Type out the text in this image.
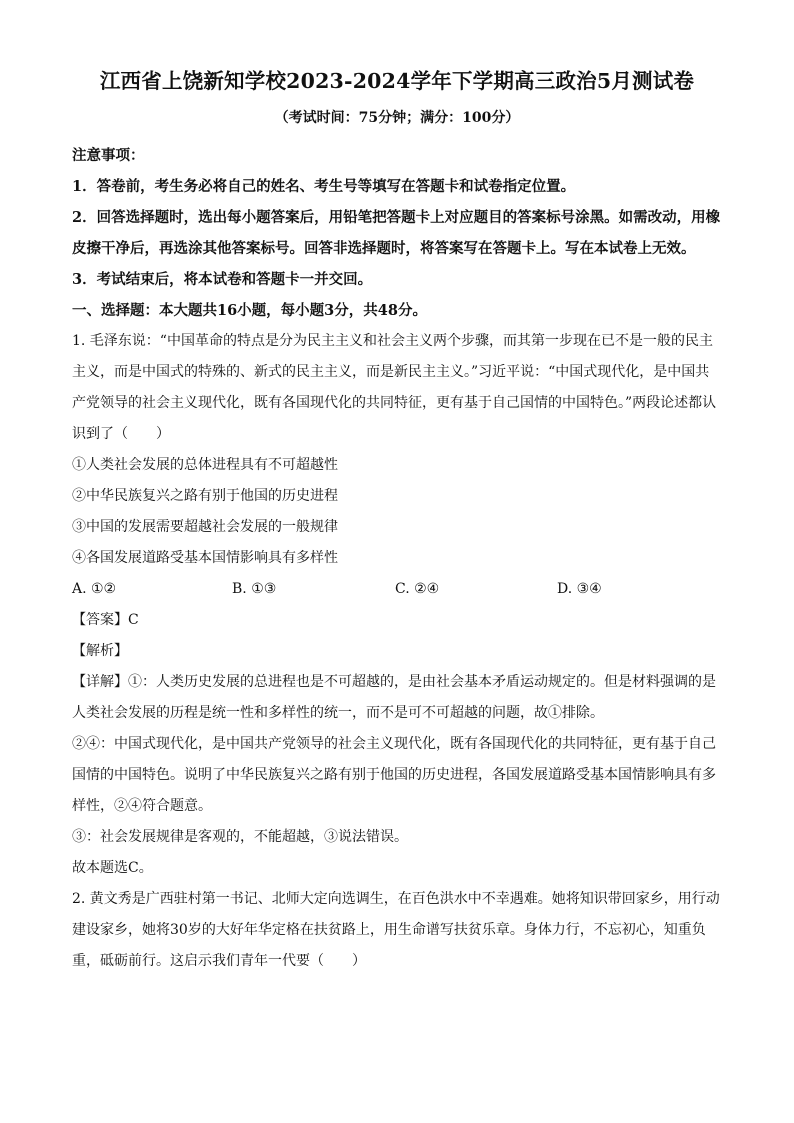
江西省上饶新知学校2023-2024学年下学期高三政治5月测试卷
（考试时间：75分钟；满分：100分）

注意事项：

1．答卷前，考生务必将自己的姓名、考生号等填写在答题卡和试卷指定位置。

2．回答选择题时，选出每小题答案后，用铅笔把答题卡上对应题目的答案标号涂黑。如需改动，用橡皮擦干净后，再选涂其他答案标号。回答非选择题时，将答案写在答题卡上。写在本试卷上无效。

3．考试结束后，将本试卷和答题卡一并交回。

一、选择题：本大题共16小题，每小题3分，共48分。

1. 毛泽东说：“中国革命的特点是分为民主主义和社会主义两个步骤，而其第一步现在已不是一般的民主主义，而是中国式的特殊的、新式的民主主义，而是新民主主义。”习近平说：“中国式现代化，是中国共产党领导的社会主义现代化，既有各国现代化的共同特征，更有基于自己国情的中国特色。”两段论述都认识到了（　　）

①人类社会发展的总体进程具有不可超越性

②中华民族复兴之路有别于他国的历史进程

③中国的发展需要超越社会发展的一般规律

④各国发展道路受基本国情影响具有多样性

A. ①②	B. ①③	C. ②④	D. ③④

【答案】C

【解析】

【详解】①：人类历史发展的总进程也是不可超越的，是由社会基本矛盾运动规定的。但是材料强调的是人类社会发展的历程是统一性和多样性的统一，而不是可不可超越的问题，故①排除。

②④：中国式现代化，是中国共产党领导的社会主义现代化，既有各国现代化的共同特征，更有基于自己国情的中国特色。说明了中华民族复兴之路有别于他国的历史进程，各国发展道路受基本国情影响具有多样性，②④符合题意。

③：社会发展规律是客观的，不能超越，③说法错误。

故本题选C。

2. 黄文秀是广西驻村第一书记、北师大定向选调生，在百色洪水中不幸遇难。她将知识带回家乡，用行动建设家乡，她将30岁的大好年华定格在扶贫路上，用生命谱写扶贫乐章。身体力行，不忘初心，知重负重，砥砺前行。这启示我们青年一代要（　　）
